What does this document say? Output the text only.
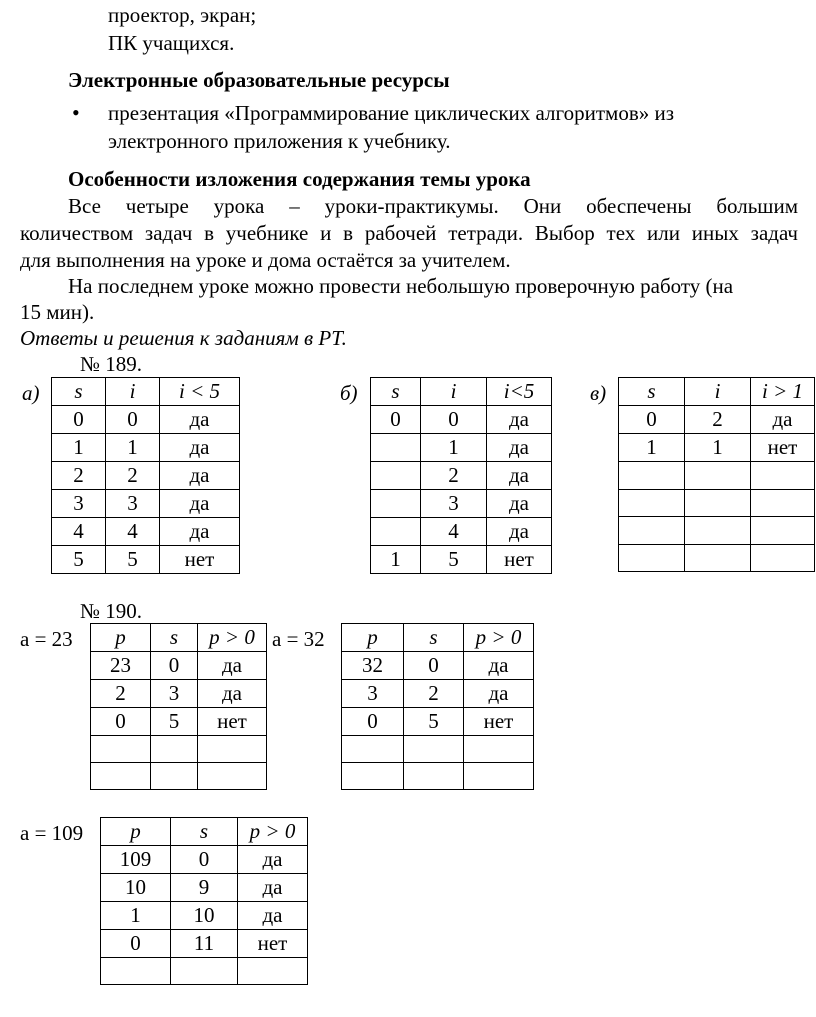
проектор, экран;
ПК учащихся.
Электронные образовательные ресурсы
• презентация «Программирование циклических алгоритмов» из
электронного приложения к учебнику.
Особенности изложения содержания темы урока
Все четыре урока – уроки-практикумы. Они обеспечены большим
количеством задач в учебнике и в рабочей тетради. Выбор тех или иных задач
для выполнения на уроке и дома остаётся за учителем.
На последнем уроке можно провести небольшую проверочную работу (на
15 мин).
Ответы и решения к заданиям в РТ.
№ 189.
а) s	i	i < 5
0	0	да
1	1	да
2	2	да
3	3	да
4	4	да
5	5	нет
б) s	i	i<5
0	0	да
	1	да
	2	да
	3	да
	4	да
1	5	нет
в) s	i	i > 1
0	2	да
1	1	нет

№ 190.
a = 23 p	s	p > 0
23	0	да
2	3	да
0	5	нет

a = 32 p	s	p > 0
32	0	да
3	2	да
0	5	нет

a = 109 p	s	p > 0
109	0	да
10	9	да
1	10	да
0	11	нет
